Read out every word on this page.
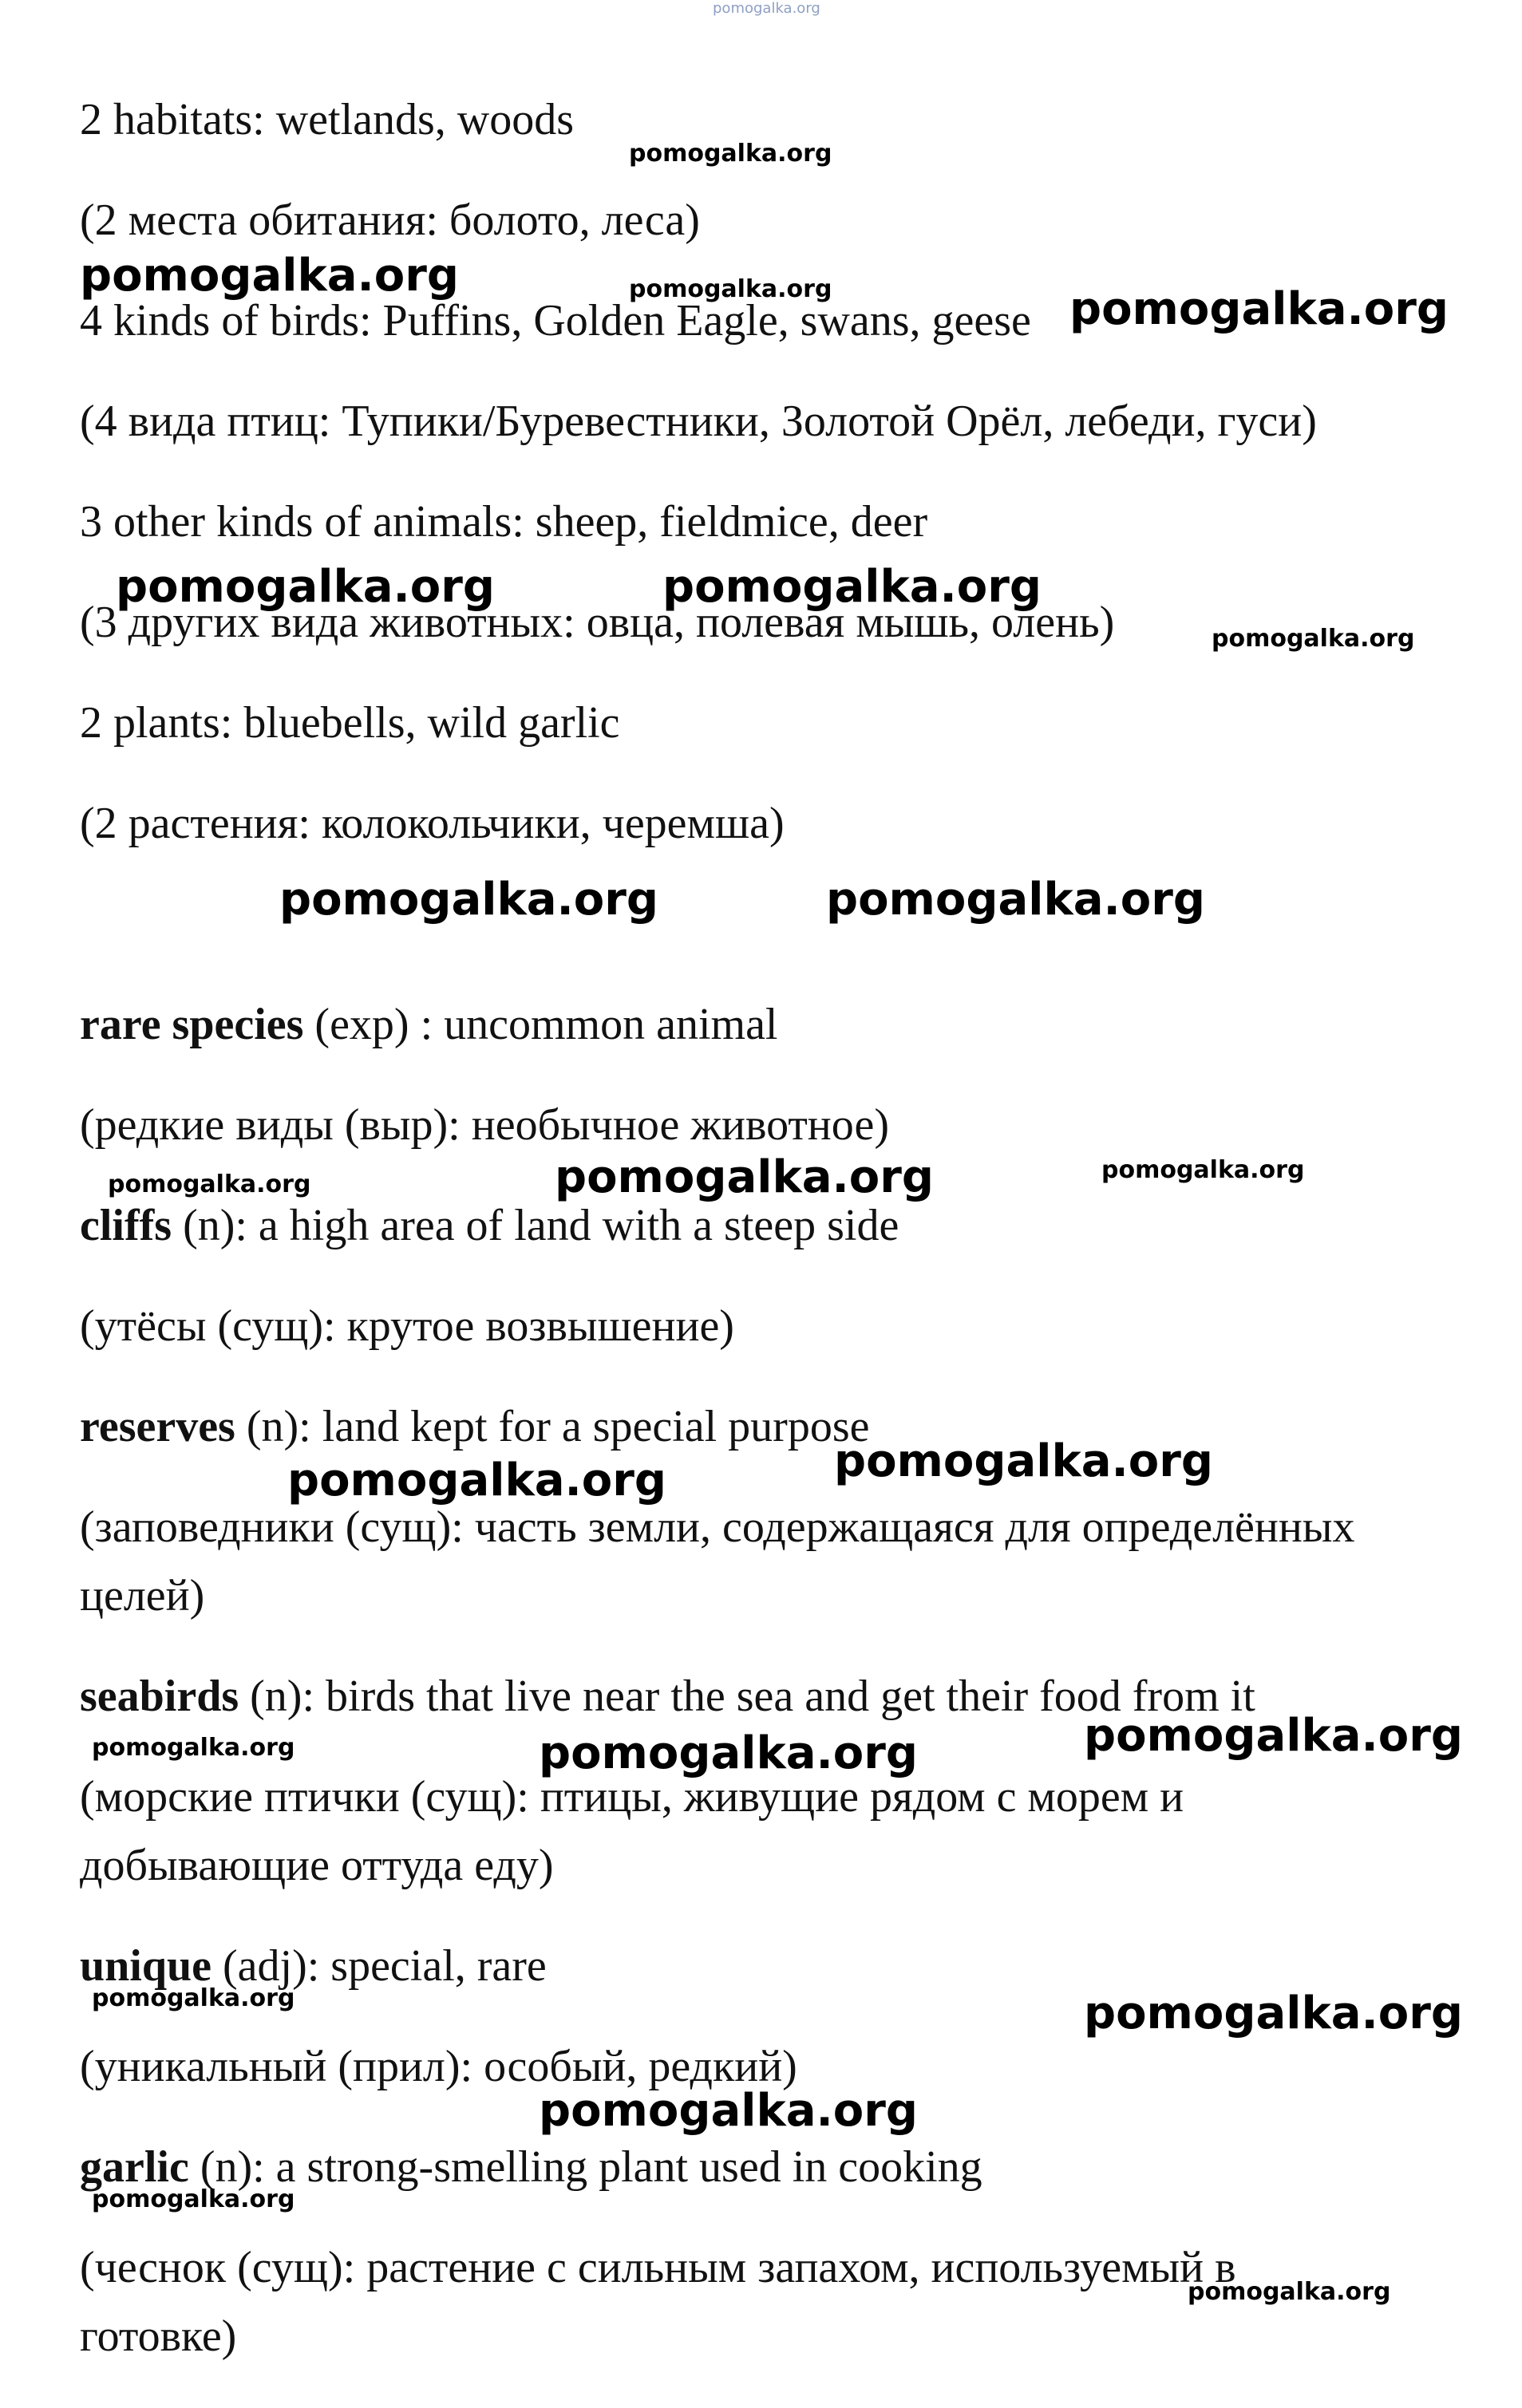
pomogalka.org
2 habitats: wetlands, woods
(2 места обитания: болото, леса)
4 kinds of birds: Puffins, Golden Eagle, swans, geese
(4 вида птиц: Тупики/Буревестники, Золотой Орёл, лебеди, гуси)
3 other kinds of animals: sheep, fieldmice, deer
(3 других вида животных: овца, полевая мышь, олень)
2 plants: bluebells, wild garlic
(2 растения: колокольчики, черемша)
rare species (exp) : uncommon animal
(редкие виды (выр): необычное животное)
cliffs (n): a high area of land with a steep side
(утёсы (сущ): крутое возвышение)
reserves (n): land kept for a special purpose
(заповедники (сущ): часть земли, содержащаяся для определённых
целей)
seabirds (n): birds that live near the sea and get their food from it
(морские птички (сущ): птицы, живущие рядом с морем и
добывающие оттуда еду)
unique (adj): special, rare
(уникальный (прил): особый, редкий)
garlic (n): a strong-smelling plant used in cooking
(чеснок (сущ): растение с сильным запахом, используемый в
готовке)
pomogalka.org
pomogalka.org	pomogalka.org	pomogalka.org
pomogalka.org	pomogalka.org
pomogalka.org
pomogalka.org	pomogalka.org
pomogalka.org	pomogalka.org	pomogalka.org
pomogalka.org	pomogalka.org
pomogalka.org	pomogalka.org	pomogalka.org
pomogalka.org	pomogalka.org
pomogalka.org
pomogalka.org
pomogalka.org
